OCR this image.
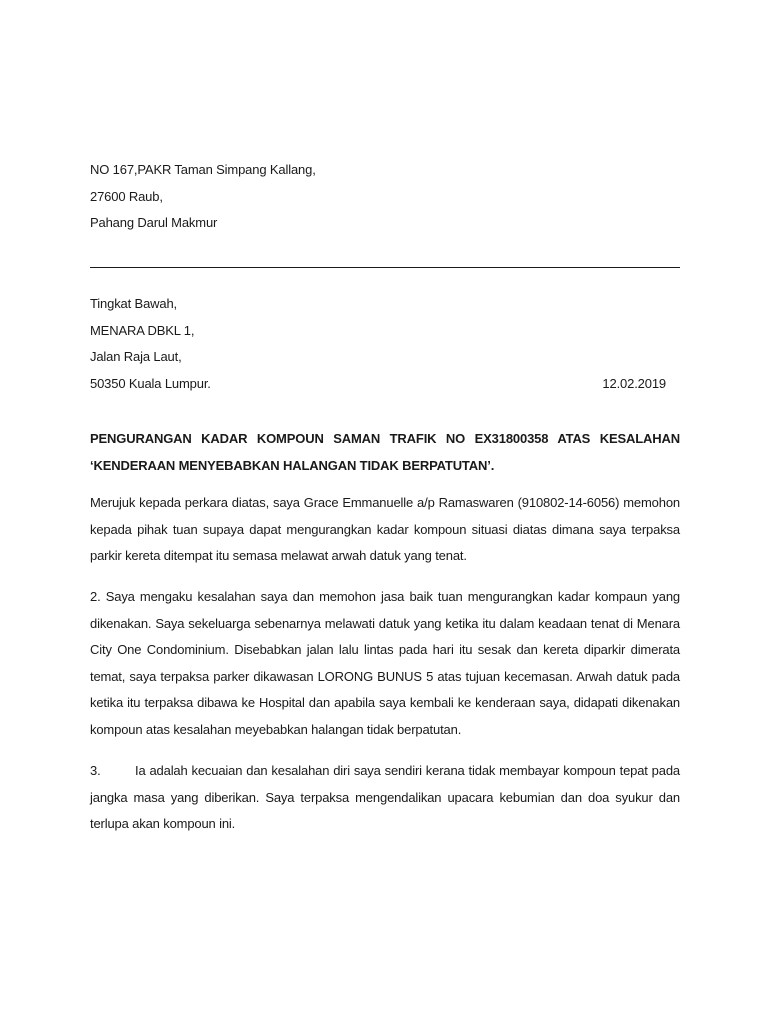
NO 167,PAKR Taman Simpang Kallang,
27600 Raub,
Pahang Darul Makmur
Tingkat Bawah,
MENARA DBKL 1,
Jalan Raja Laut,
50350 Kuala Lumpur.	12.02.2019
PENGURANGAN KADAR KOMPOUN SAMAN TRAFIK NO EX31800358 ATAS KESALAHAN ‘KENDERAAN MENYEBABKAN HALANGAN TIDAK BERPATUTAN’.
Merujuk kepada perkara diatas, saya Grace Emmanuelle a/p Ramaswaren (910802-14-6056) memohon kepada pihak tuan supaya dapat mengurangkan kadar kompoun situasi diatas dimana saya terpaksa parkir kereta ditempat itu semasa melawat arwah datuk yang tenat.
2. Saya mengaku kesalahan saya dan memohon jasa baik tuan mengurangkan kadar kompaun yang dikenakan. Saya sekeluarga sebenarnya melawati datuk yang ketika itu dalam keadaan tenat di Menara City One Condominium. Disebabkan jalan lalu lintas pada hari itu sesak dan kereta diparkir dimerata temat, saya terpaksa parker dikawasan LORONG BUNUS 5 atas tujuan kecemasan. Arwah datuk pada ketika itu terpaksa dibawa ke Hospital dan apabila saya kembali ke kenderaan saya, didapati dikenakan kompoun atas kesalahan meyebabkan halangan tidak berpatutan.
3.	Ia adalah kecuaian dan kesalahan diri saya sendiri kerana tidak membayar kompoun tepat pada jangka masa yang diberikan. Saya terpaksa mengendalikan upacara kebumian dan doa syukur dan terlupa akan kompoun ini.
